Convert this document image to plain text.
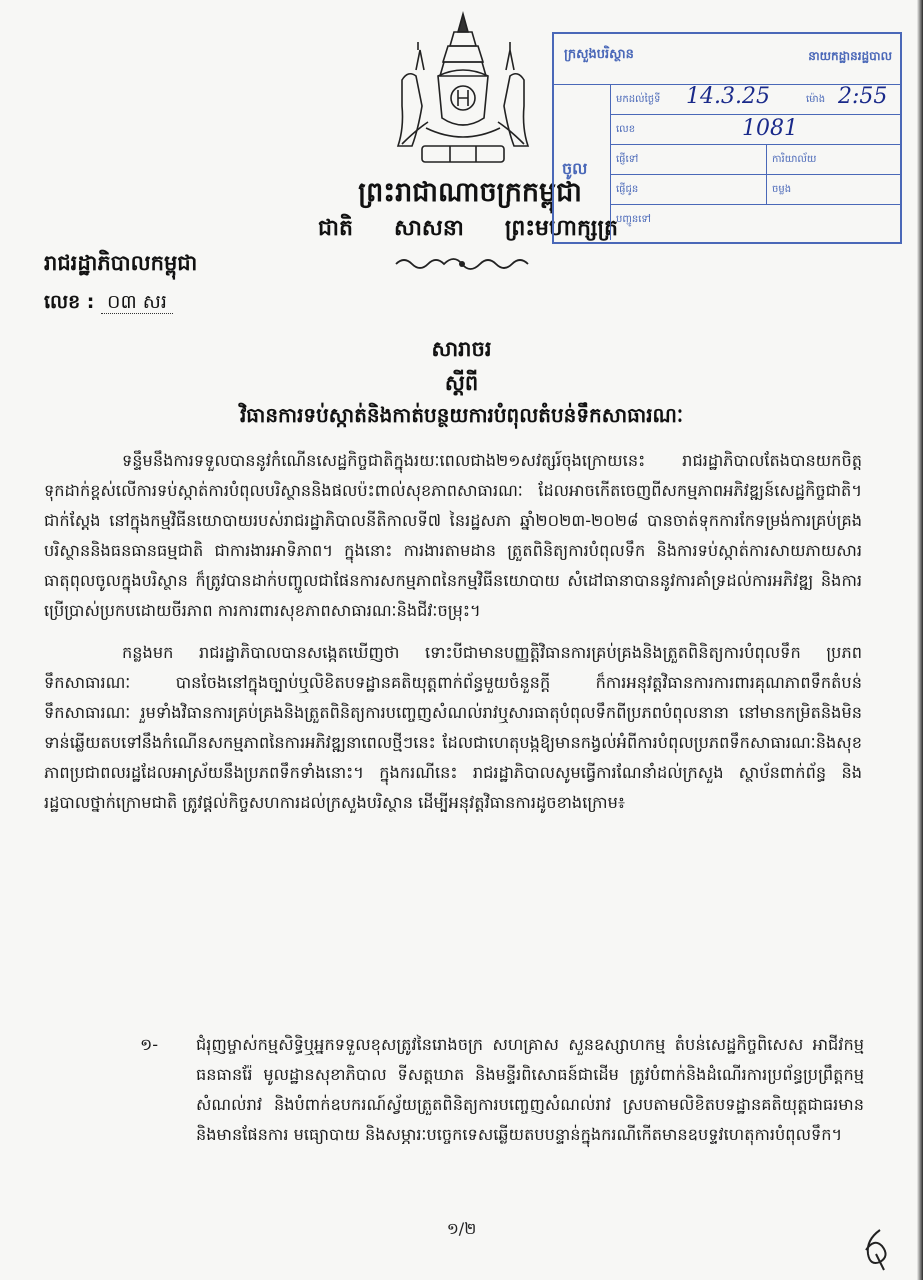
ព្រះរាជាណាចក្រកម្ពុជា
ជាតិ សាសនា ព្រះមហាក្សត្រ
ក្រសួងបរិស្ថាន	នាយកដ្ឋានរដ្ឋបាល
ចូល
មកដល់ថ្ងៃទី 14.3.25	ម៉ោង 2:55
លេខ	1081
ផ្ញើទៅ	ការិយាល័យ
ផ្ញើជូន	ចម្លង
បញ្ជូនទៅ
រាជរដ្ឋាភិបាលកម្ពុជា
លេខ : ០៣ សរ
សារាចរ
ស្តីពី
វិធានការទប់ស្កាត់និងកាត់បន្ថយការបំពុលតំបន់ទឹកសាធារណៈ

ទន្ទឹមនឹងការទទួលបាននូវកំណើនសេដ្ឋកិច្ចជាតិក្នុងរយៈពេលជាង២១សវត្សរ៍ចុងក្រោយនេះ រាជរដ្ឋាភិបាលតែងបានយកចិត្តទុកដាក់ខ្ពស់លើការទប់ស្កាត់ការបំពុលបរិស្ថាននិងផលប៉ះពាល់សុខភាពសាធារណៈ ដែលអាចកើតចេញពីសកម្មភាពអភិវឌ្ឍន៍សេដ្ឋកិច្ចជាតិ។ ជាក់ស្តែង នៅក្នុងកម្មវិធីនយោបាយរបស់រាជរដ្ឋាភិបាលនីតិកាលទី៧ នៃរដ្ឋសភា ឆ្នាំ២០២៣-២០២៨ បានចាត់ទុកការកែទម្រង់ការគ្រប់គ្រងបរិស្ថាននិងធនធានធម្មជាតិ ជាការងារអាទិភាព។ ក្នុងនោះ ការងារតាមដាន ត្រួតពិនិត្យការបំពុលទឹក និងការទប់ស្កាត់ការសាយភាយសារធាតុពុលចូលក្នុងបរិស្ថាន ក៏ត្រូវបានដាក់បញ្ចូលជាផែនការសកម្មភាពនៃកម្មវិធីនយោបាយ សំដៅធានាបាននូវការគាំទ្រដល់ការអភិវឌ្ឍ និងការប្រើប្រាស់ប្រកបដោយចីរភាព ការការពារសុខភាពសាធារណៈនិងជីវៈចម្រុះ។

កន្លងមក រាជរដ្ឋាភិបាលបានសង្កេតឃើញថា ទោះបីជាមានបញ្ញត្តិវិធានការគ្រប់គ្រងនិងត្រួតពិនិត្យការបំពុលទឹក ប្រភពទឹកសាធារណៈ បានចែងនៅក្នុងច្បាប់ឬលិខិតបទដ្ឋានគតិយុត្តពាក់ព័ន្ធមួយចំនួនក្តី ក៏ការអនុវត្តវិធានការការពារគុណភាពទឹកតំបន់ទឹកសាធារណៈ រួមទាំងវិធានការគ្រប់គ្រងនិងត្រួតពិនិត្យការបញ្ចេញសំណល់រាវឬសារធាតុបំពុលទឹកពីប្រភពបំពុលនានា នៅមានកម្រិតនិងមិនទាន់ឆ្លើយតបទៅនឹងកំណើនសកម្មភាពនៃការអភិវឌ្ឍនាពេលថ្មីៗនេះ ដែលជាហេតុបង្កឱ្យមានកង្វល់អំពីការបំពុលប្រភពទឹកសាធារណៈនិងសុខភាពប្រជាពលរដ្ឋដែលអាស្រ័យនឹងប្រភពទឹកទាំងនោះ។ ក្នុងករណីនេះ រាជរដ្ឋាភិបាលសូមធ្វើការណែនាំដល់ក្រសួង ស្ថាប័នពាក់ព័ន្ធ និងរដ្ឋបាលថ្នាក់ក្រោមជាតិ ត្រូវផ្តល់កិច្ចសហការដល់ក្រសួងបរិស្ថាន ដើម្បីអនុវត្តវិធានការដូចខាងក្រោម៖

១- ជំរុញម្ចាស់កម្មសិទ្ធិឬអ្នកទទួលខុសត្រូវនៃរោងចក្រ សហគ្រាស សួនឧស្សាហកម្ម តំបន់សេដ្ឋកិច្ចពិសេស អាជីវកម្មធនធានរ៉ែ មូលដ្ឋានសុខាភិបាល ទីសត្តឃាត និងមន្ទីរពិសោធន៍ជាដើម ត្រូវបំពាក់និងដំណើរការប្រព័ន្ធប្រព្រឹត្តកម្មសំណល់រាវ និងបំពាក់ឧបករណ៍ស្វ័យត្រួតពិនិត្យការបញ្ចេញសំណល់រាវ ស្របតាមលិខិតបទដ្ឋានគតិយុត្តជាធរមាន និងមានផែនការ មធ្យោបាយ និងសម្ភារៈបច្ចេកទេសឆ្លើយតបបន្ទាន់ក្នុងករណីកើតមានឧបទ្ទវហេតុការបំពុលទឹក។
១/២
